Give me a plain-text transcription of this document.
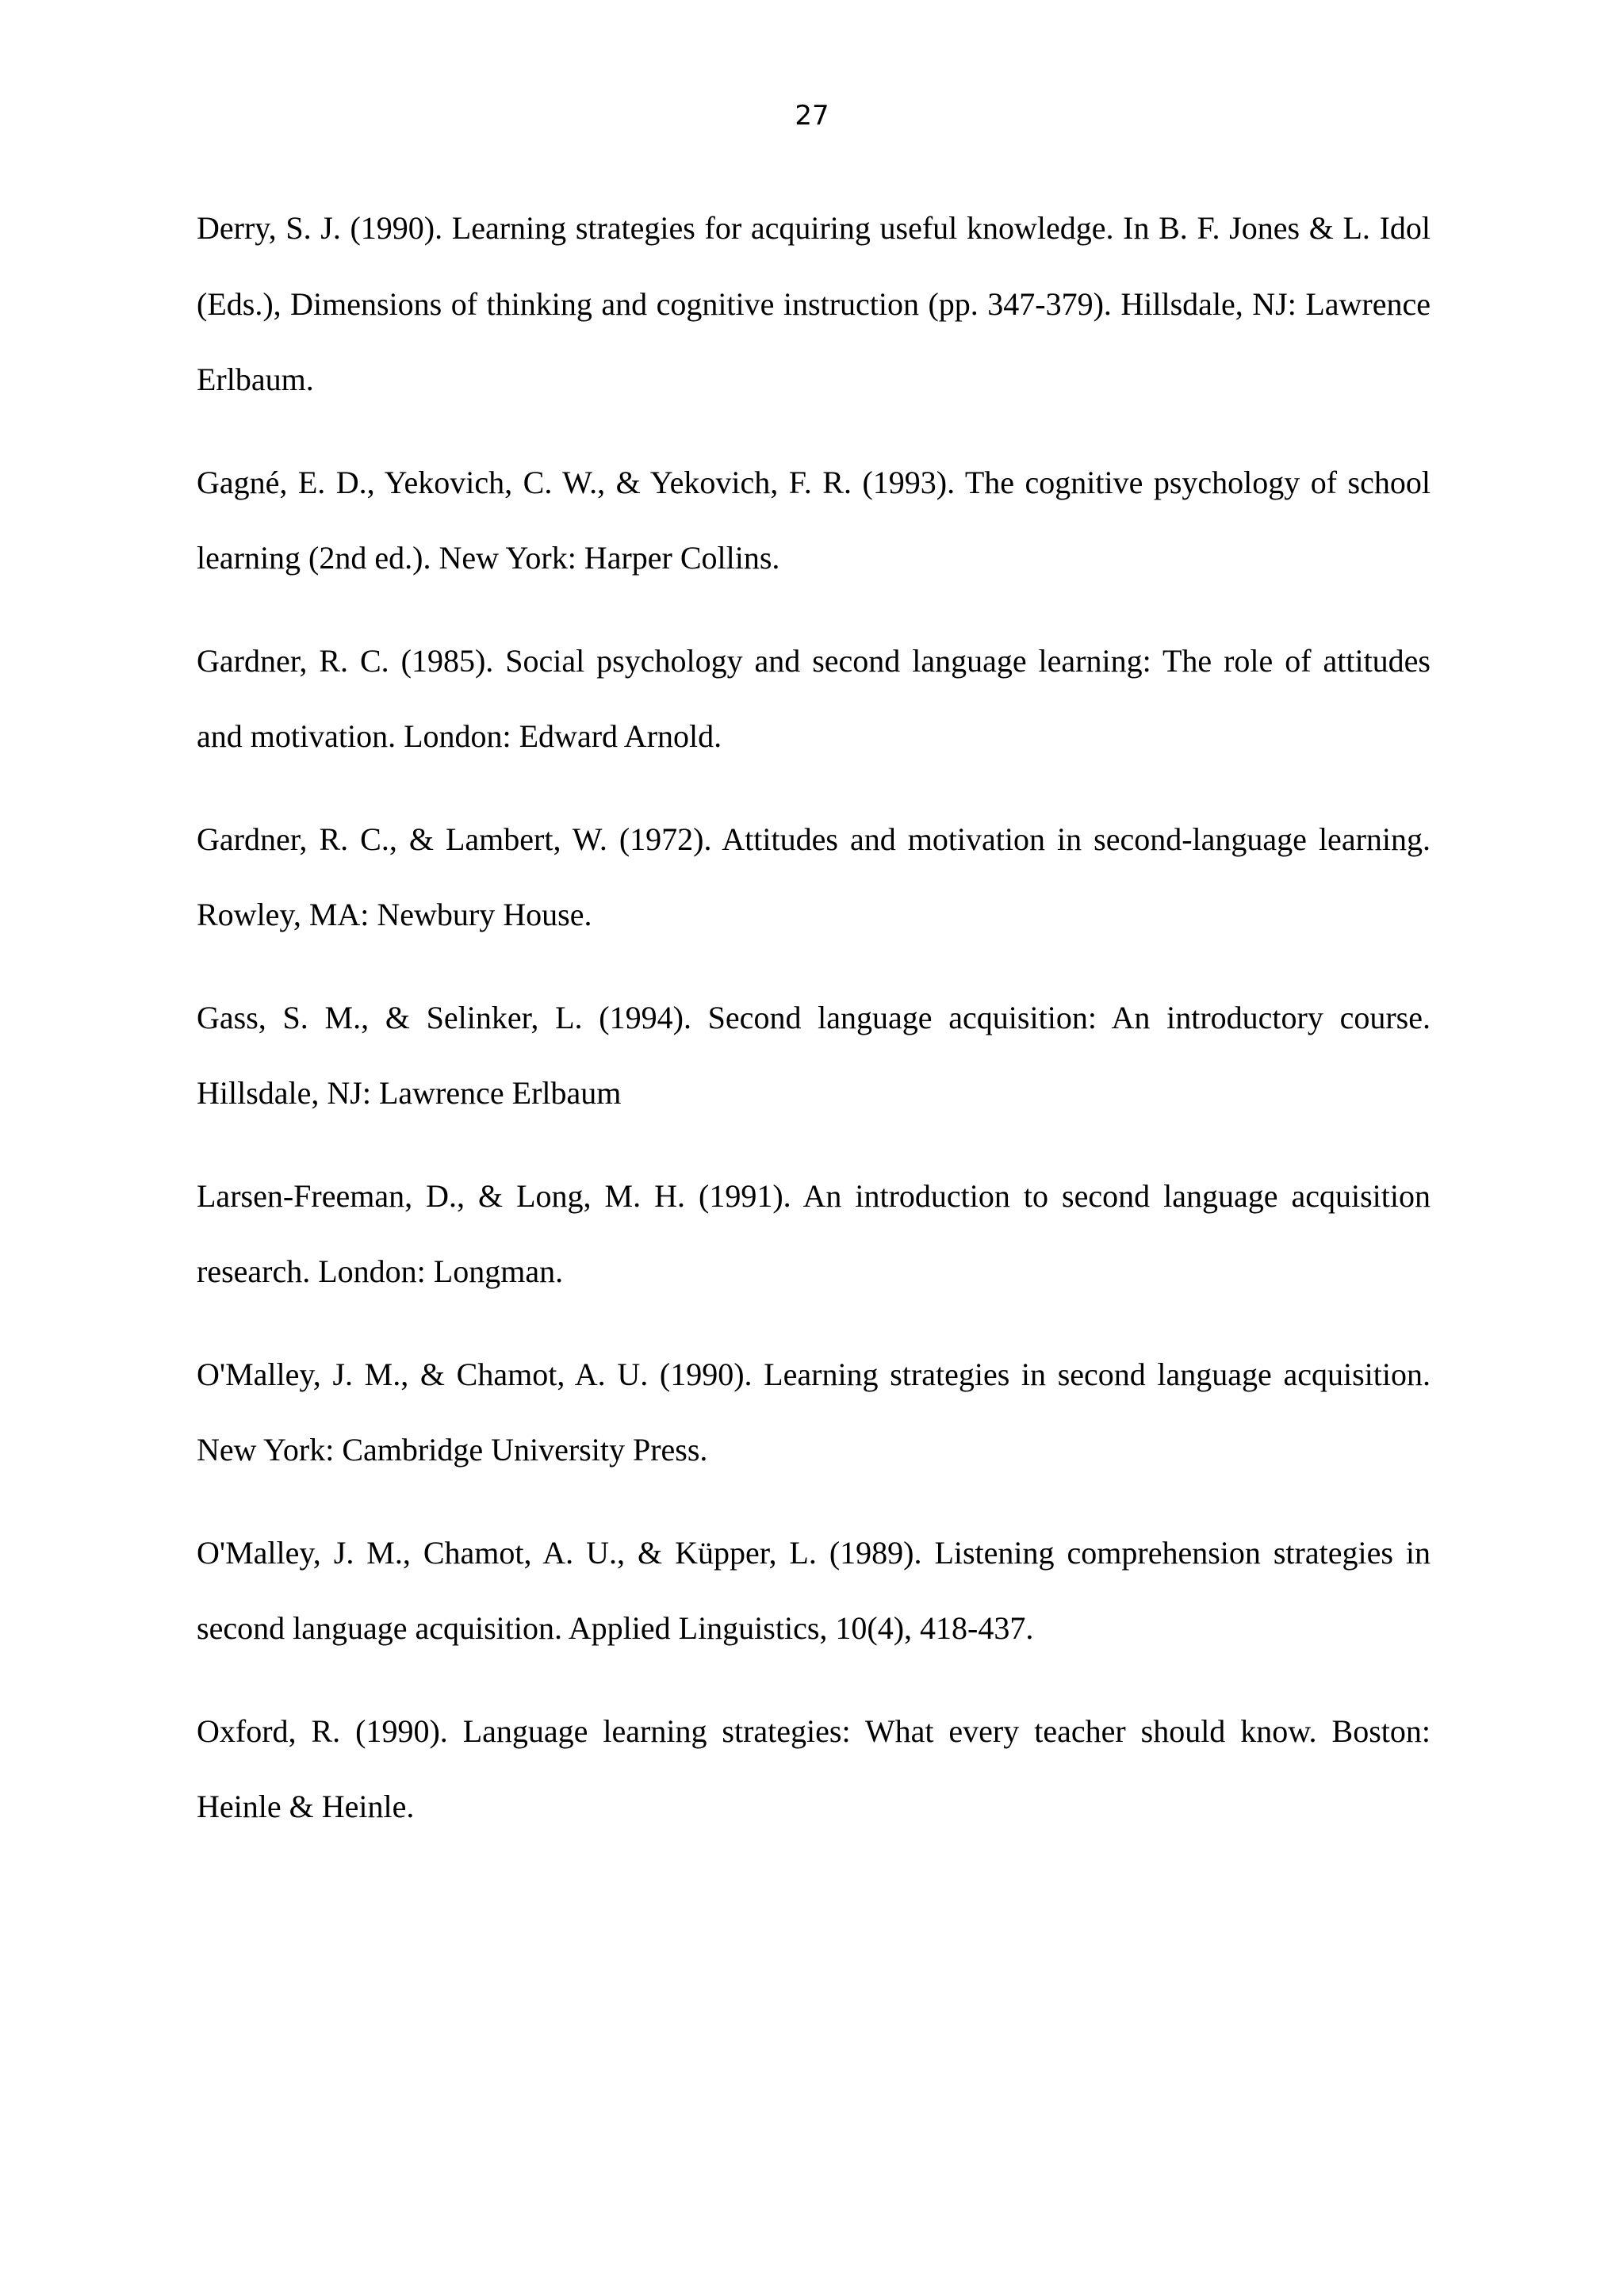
27
Derry, S. J. (1990). Learning strategies for acquiring useful knowledge. In B. F. Jones & L. Idol (Eds.), Dimensions of thinking and cognitive instruction (pp. 347-379). Hillsdale, NJ: Lawrence Erlbaum.
Gagné, E. D., Yekovich, C. W., & Yekovich, F. R. (1993). The cognitive psychology of school learning (2nd ed.). New York: Harper Collins.
Gardner, R. C. (1985). Social psychology and second language learning: The role of attitudes and motivation. London: Edward Arnold.
Gardner, R. C., & Lambert, W. (1972). Attitudes and motivation in second-language learning. Rowley, MA: Newbury House.
Gass, S. M., & Selinker, L. (1994). Second language acquisition: An introductory course. Hillsdale, NJ: Lawrence Erlbaum
Larsen-Freeman, D., & Long, M. H. (1991). An introduction to second language acquisition research. London: Longman.
O'Malley, J. M., & Chamot, A. U. (1990). Learning strategies in second language acquisition. New York: Cambridge University Press.
O'Malley, J. M., Chamot, A. U., & Küpper, L. (1989). Listening comprehension strategies in second language acquisition. Applied Linguistics, 10(4), 418-437.
Oxford, R. (1990). Language learning strategies: What every teacher should know. Boston: Heinle & Heinle.
